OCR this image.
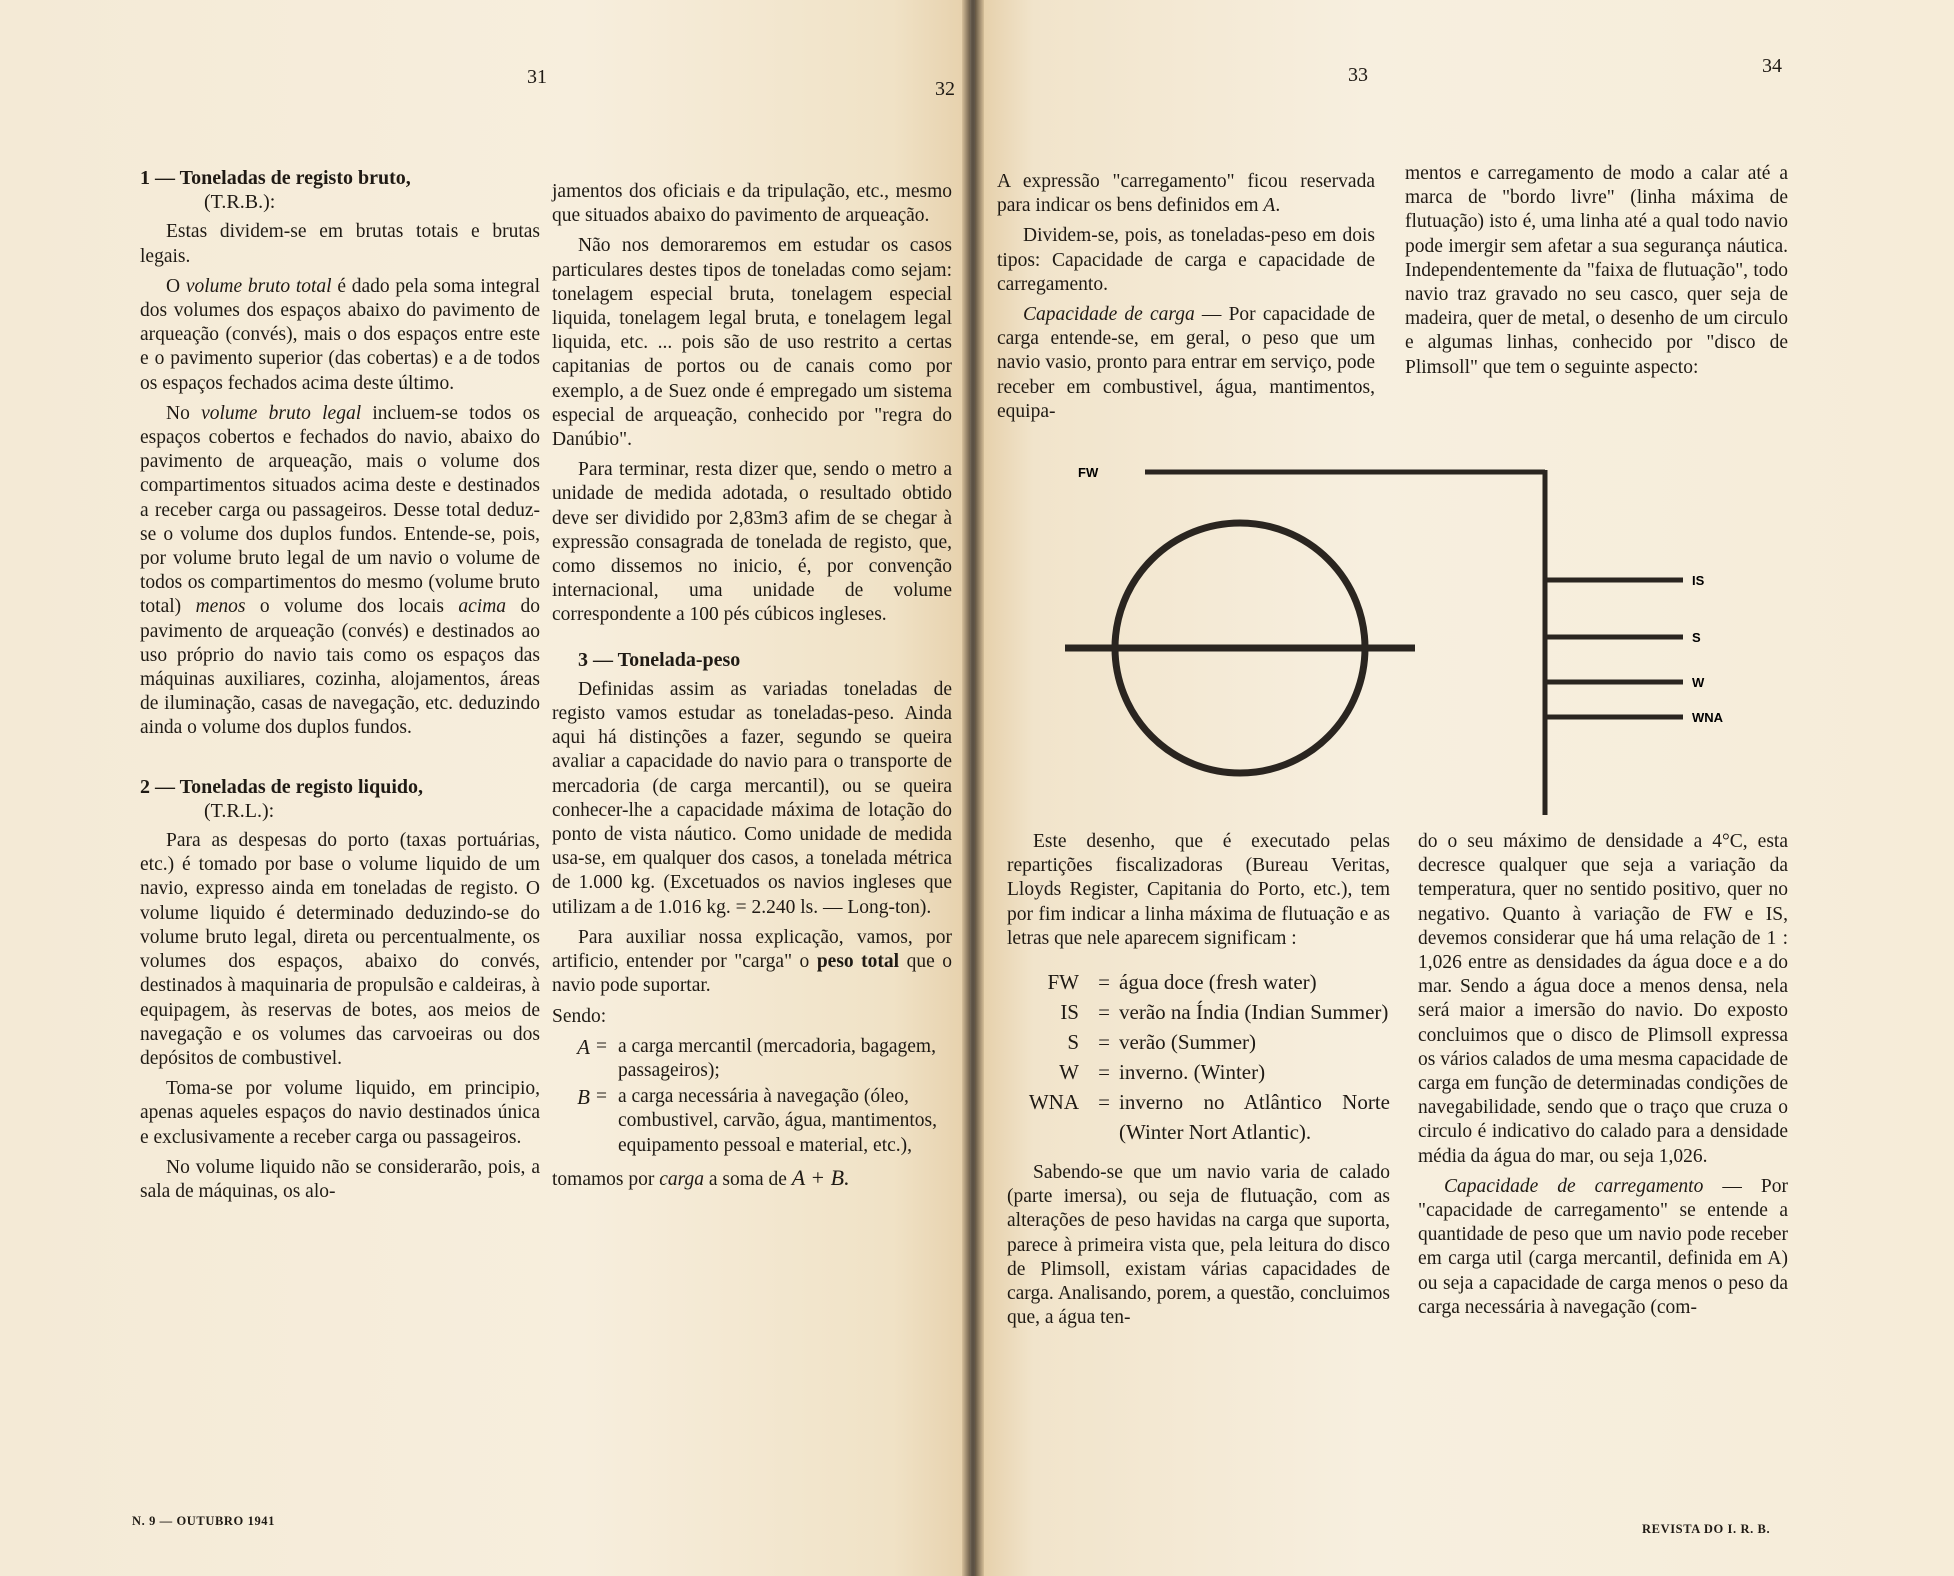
31
32
33	34
1 — Toneladas de registo bruto,
(T.R.B.):

Estas dividem-se em brutas totais e brutas legais.

O volume bruto total é dado pela soma integral dos volumes dos espaços abaixo do pavimento de arqueação (convés), mais o dos espaços entre este e o pavimento superior (das cobertas) e a de todos os espaços fechados acima deste último.

No volume bruto legal incluem-se todos os espaços cobertos e fechados do navio, abaixo do pavimento de arqueação, mais o volume dos compartimentos situados acima deste e destinados a receber carga ou passageiros. Desse total deduz-se o volume dos duplos fundos. Entende-se, pois, por volume bruto legal de um navio o volume de todos os compartimentos do mesmo (volume bruto total) menos o volume dos locais acima do pavimento de arqueação (convés) e destinados ao uso próprio do navio tais como os espaços das máquinas auxiliares, cozinha, alojamentos, áreas de iluminação, casas de navegação, etc. deduzindo ainda o volume dos duplos fundos.

2 — Toneladas de registo liquido,
(T.R.L.):

Para as despesas do porto (taxas portuárias, etc.) é tomado por base o volume liquido de um navio, expresso ainda em toneladas de registo. O volume liquido é determinado deduzindo-se do volume bruto legal, direta ou percentualmente, os volumes dos espaços, abaixo do convés, destinados à maquinaria de propulsão e caldeiras, à equipagem, às reservas de botes, aos meios de navegação e os volumes das carvoeiras ou dos depósitos de combustivel.

Toma-se por volume liquido, em principio, apenas aqueles espaços do navio destinados única e exclusivamente a receber carga ou passageiros.

No volume liquido não se considerarão, pois, a sala de máquinas, os alo-

jamentos dos oficiais e da tripulação, etc., mesmo que situados abaixo do pavimento de arqueação.

Não nos demoraremos em estudar os casos particulares destes tipos de toneladas como sejam: tonelagem especial bruta, tonelagem especial liquida, tonelagem legal bruta, e tonelagem legal liquida, etc. ... pois são de uso restrito a certas capitanias de portos ou de canais como por exemplo, a de Suez onde é empregado um sistema especial de arqueação, conhecido por "regra do Danúbio".

Para terminar, resta dizer que, sendo o metro a unidade de medida adotada, o resultado obtido deve ser dividido por 2,83m3 afim de se chegar à expressão consagrada de tonelada de registo, que, como dissemos no inicio, é, por convenção internacional, uma unidade de volume correspondente a 100 pés cúbicos ingleses.

3 — Tonelada-peso

Definidas assim as variadas toneladas de registo vamos estudar as toneladas-peso. Ainda aqui há distinções a fazer, segundo se queira avaliar a capacidade do navio para o transporte de mercadoria (de carga mercantil), ou se queira conhecer-lhe a capacidade máxima de lotação do ponto de vista náutico. Como unidade de medida usa-se, em qualquer dos casos, a tonelada métrica de 1.000 kg. (Excetuados os navios ingleses que utilizam a de 1.016 kg. = 2.240 ls. — Long-ton).

Para auxiliar nossa explicação, vamos, por artificio, entender por "carga" o peso total que o navio pode suportar.

Sendo:

A = a carga mercantil (mercadoria, bagagem, passageiros);
B = a carga necessária à navegação (óleo, combustivel, carvão, água, mantimentos, equipamento pessoal e material, etc.),

tomamos por carga a soma de A + B.

A expressão "carregamento" ficou reservada para indicar os bens definidos em A.

Dividem-se, pois, as toneladas-peso em dois tipos: Capacidade de carga e capacidade de carregamento.

Capacidade de carga — Por capacidade de carga entende-se, em geral, o peso que um navio vasio, pronto para entrar em serviço, pode receber em combustivel, água, mantimentos, equipa-

mentos e carregamento de modo a calar até a marca de "bordo livre" (linha máxima de flutuação) isto é, uma linha até a qual todo navio pode imergir sem afetar a sua segurança náutica. Independentemente da "faixa de flutuação", todo navio traz gravado no seu casco, quer seja de madeira, quer de metal, o desenho de um circulo e algumas linhas, conhecido por "disco de Plimsoll" que tem o seguinte aspecto:

FW
IS
S
W
WNA

Este desenho, que é executado pelas repartições fiscalizadoras (Bureau Veritas, Lloyds Register, Capitania do Porto, etc.), tem por fim indicar a linha máxima de flutuação e as letras que nele aparecem significam :

FW = água doce (fresh water)
IS = verão na Índia (Indian Summer)
S = verão (Summer)
W = inverno. (Winter)
WNA = inverno no Atlântico Norte (Winter Nort Atlantic).

Sabendo-se que um navio varia de calado (parte imersa), ou seja de flutuação, com as alterações de peso havidas na carga que suporta, parece à primeira vista que, pela leitura do disco de Plimsoll, existam várias capacidades de carga. Analisando, porem, a questão, concluimos que, a água ten-

do o seu máximo de densidade a 4°C, esta decresce qualquer que seja a variação da temperatura, quer no sentido positivo, quer no negativo. Quanto à variação de FW e IS, devemos considerar que há uma relação de 1 : 1,026 entre as densidades da água doce e a do mar. Sendo a água doce a menos densa, nela será maior a imersão do navio. Do exposto concluimos que o disco de Plimsoll expressa os vários calados de uma mesma capacidade de carga em função de determinadas condições de navegabilidade, sendo que o traço que cruza o circulo é indicativo do calado para a densidade média da água do mar, ou seja 1,026.

Capacidade de carregamento — Por "capacidade de carregamento" se entende a quantidade de peso que um navio pode receber em carga util (carga mercantil, definida em A) ou seja a capacidade de carga menos o peso da carga necessária à navegação (com-

N. 9 — OUTUBRO 1941
REVISTA DO I. R. B.
